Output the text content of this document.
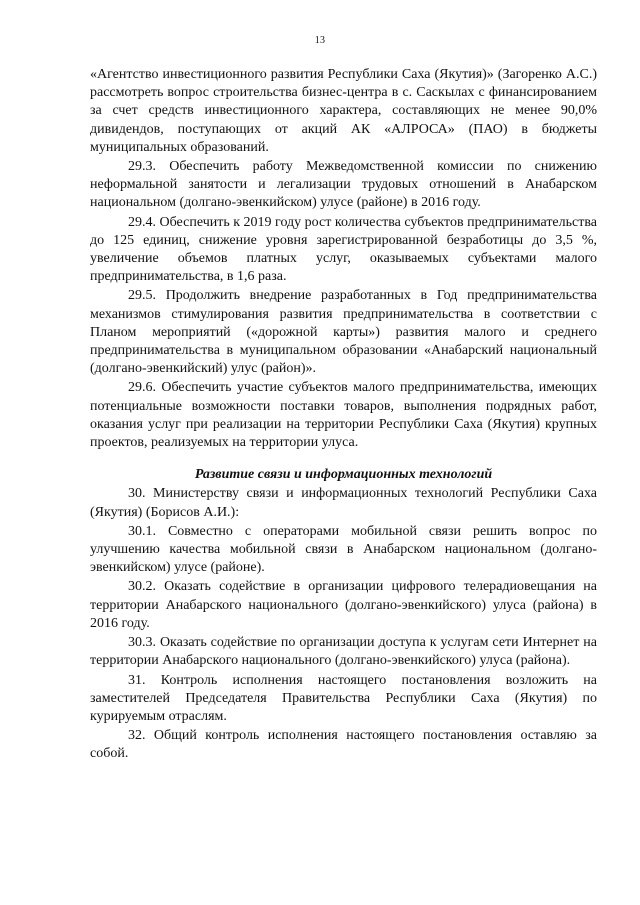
13

«Агентство инвестиционного развития Республики Саха (Якутия)» (Загоренко А.С.) рассмотреть вопрос строительства бизнес-центра в с. Саскылах с финансированием за счет средств инвестиционного характера, составляющих не менее 90,0% дивидендов, поступающих от акций АК «АЛРОСА» (ПАО) в бюджеты муниципальных образований.

29.3. Обеспечить работу Межведомственной комиссии по снижению неформальной занятости и легализации трудовых отношений в Анабарском национальном (долгано-эвенкийском) улусе (районе) в 2016 году.

29.4. Обеспечить к 2019 году рост количества субъектов предпринимательства до 125 единиц, снижение уровня зарегистрированной безработицы до 3,5 %, увеличение объемов платных услуг, оказываемых субъектами малого предпринимательства, в 1,6 раза.

29.5. Продолжить внедрение разработанных в Год предпринимательства механизмов стимулирования развития предпринимательства в соответствии с Планом мероприятий («дорожной карты») развития малого и среднего предпринимательства в муниципальном образовании «Анабарский национальный (долгано-эвенкийский) улус (район)».

29.6. Обеспечить участие субъектов малого предпринимательства, имеющих потенциальные возможности поставки товаров, выполнения подрядных работ, оказания услуг при реализации на территории Республики Саха (Якутия) крупных проектов, реализуемых на территории улуса.

Развитие связи и информационных технологий

30. Министерству связи и информационных технологий Республики Саха (Якутия) (Борисов А.И.):

30.1. Совместно с операторами мобильной связи решить вопрос по улучшению качества мобильной связи в Анабарском национальном (долгано-эвенкийском) улусе (районе).

30.2. Оказать содействие в организации цифрового телерадиовещания на территории Анабарского национального (долгано-эвенкийского) улуса (района) в 2016 году.

30.3. Оказать содействие по организации доступа к услугам сети Интернет на территории Анабарского национального (долгано-эвенкийского) улуса (района).

31. Контроль исполнения настоящего постановления возложить на заместителей Председателя Правительства Республики Саха (Якутия) по курируемым отраслям.

32. Общий контроль исполнения настоящего постановления оставляю за собой.
